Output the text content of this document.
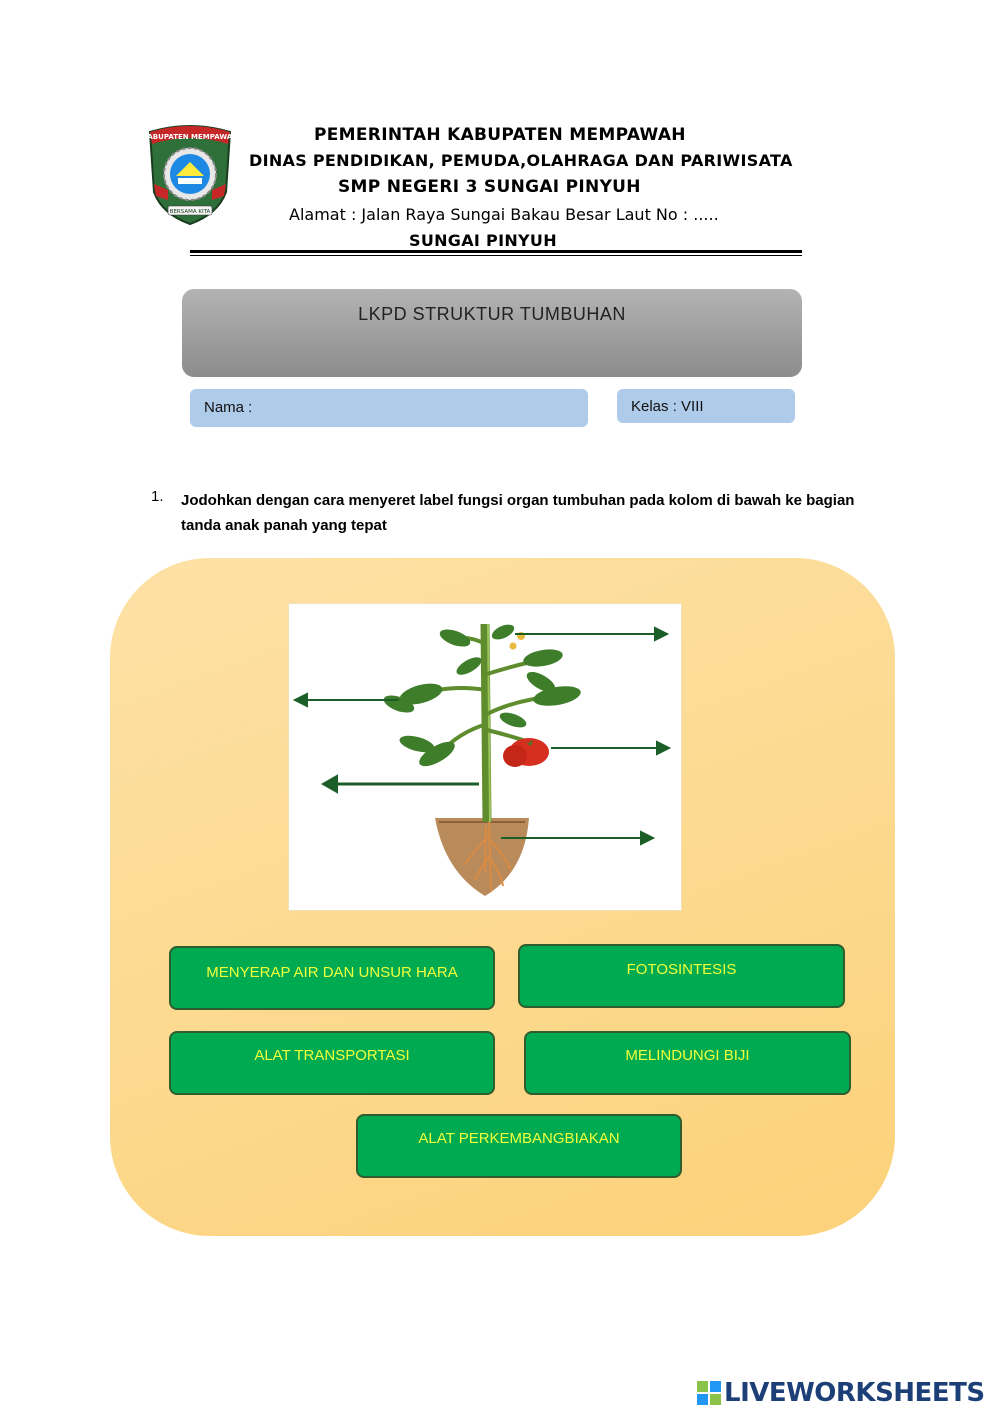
KABUPATEN MEMPAWAH
BERSAMA KITA
PEMERINTAH KABUPATEN MEMPAWAH
DINAS PENDIDIKAN, PEMUDA,OLAHRAGA DAN PARIWISATA
SMP NEGERI 3 SUNGAI PINYUH
Alamat : Jalan Raya Sungai Bakau Besar Laut No : .....
SUNGAI PINYUH
LKPD STRUKTUR TUMBUHAN
Nama :	Kelas : VIII
1. Jodohkan dengan cara menyeret label fungsi organ tumbuhan pada kolom di bawah ke bagian tanda anak panah yang tepat
MENYERAP AIR DAN UNSUR HARA	FOTOSINTESIS
ALAT TRANSPORTASI	MELINDUNGI BIJI
ALAT PERKEMBANGBIAKAN
LIVEWORKSHEETS
